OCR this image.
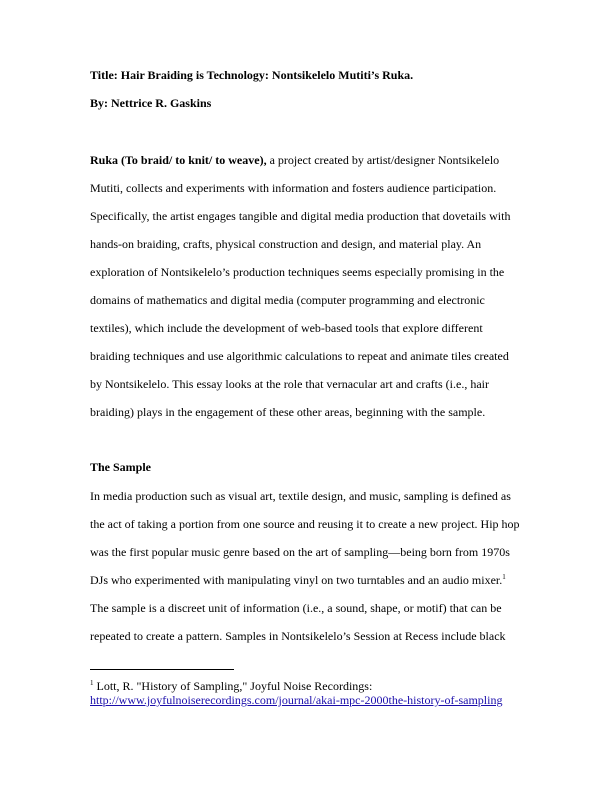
Title: Hair Braiding is Technology: Nontsikelelo Mutiti’s Ruka.
By: Nettrice R. Gaskins
Ruka (To braid/ to knit/ to weave), a project created by artist/designer Nontsikelelo
Mutiti, collects and experiments with information and fosters audience participation.
Specifically, the artist engages tangible and digital media production that dovetails with
hands-on braiding, crafts, physical construction and design, and material play. An
exploration of Nontsikelelo’s production techniques seems especially promising in the
domains of mathematics and digital media (computer programming and electronic
textiles), which include the development of web-based tools that explore different
braiding techniques and use algorithmic calculations to repeat and animate tiles created
by Nontsikelelo. This essay looks at the role that vernacular art and crafts (i.e., hair
braiding) plays in the engagement of these other areas, beginning with the sample.
The Sample
In media production such as visual art, textile design, and music, sampling is defined as
the act of taking a portion from one source and reusing it to create a new project. Hip hop
was the first popular music genre based on the art of sampling—being born from 1970s
DJs who experimented with manipulating vinyl on two turntables and an audio mixer.$^1$
The sample is a discreet unit of information (i.e., a sound, shape, or motif) that can be
repeated to create a pattern. Samples in Nontsikelelo’s Session at Recess include black
$^1$ Lott, R. "History of Sampling," Joyful Noise Recordings:
http://www.joyfulnoiserecordings.com/journal/akai-mpc-2000the-history-of-sampling
